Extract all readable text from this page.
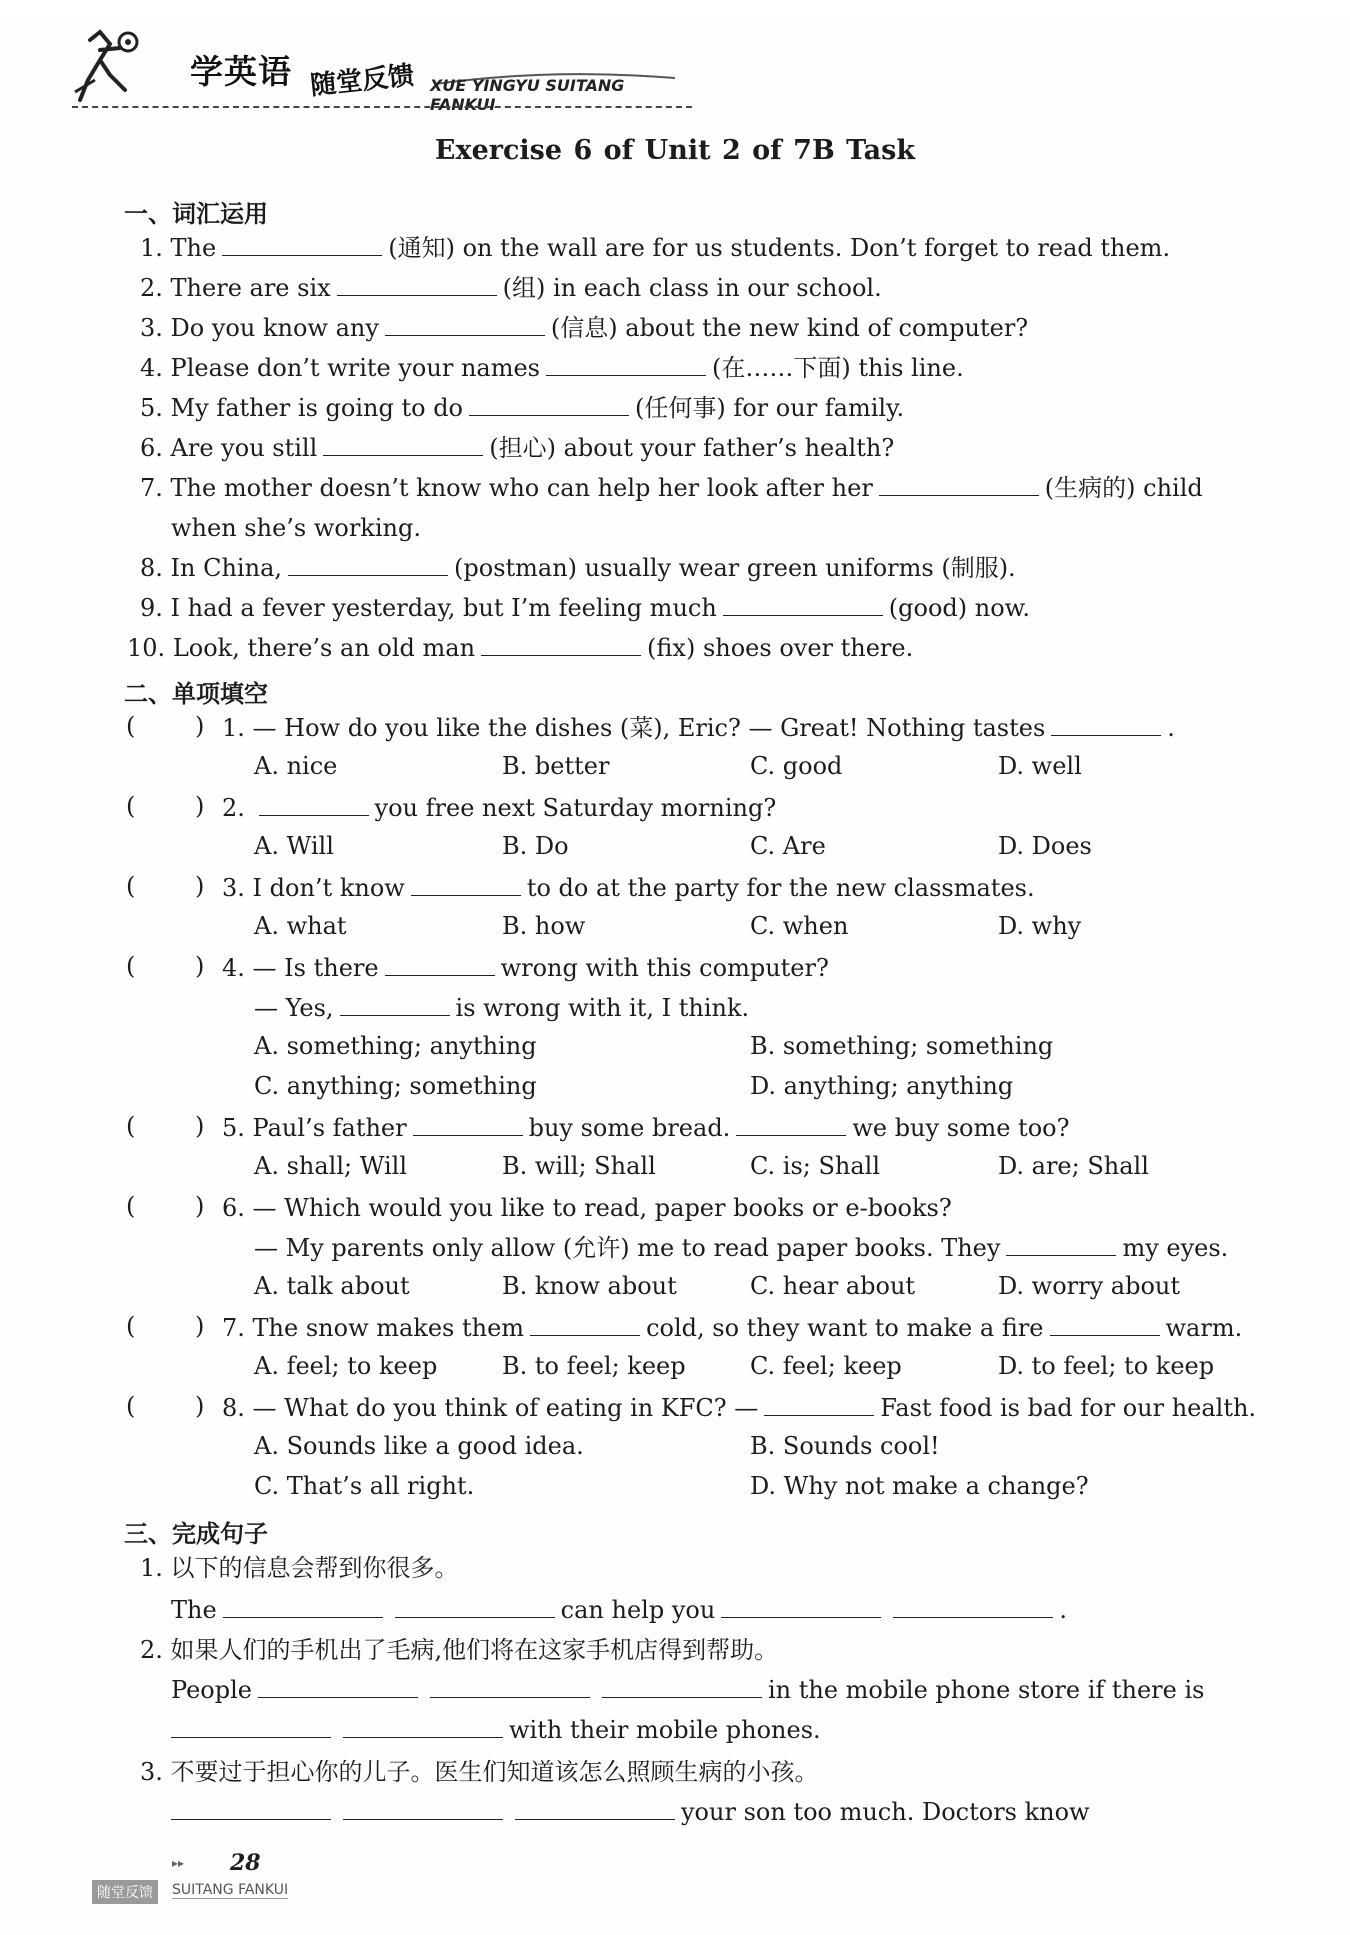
学英语 随堂反馈 XUE YINGYU SUITANG FANKUI
Exercise 6 of Unit 2 of 7B Task
一、词汇运用
1. The	(通知) on the wall are for us students. Don’t forget to read them.
2. There are six	(组) in each class in our school.
3. Do you know any	(信息) about the new kind of computer?
4. Please don’t write your names	(在……下面) this line.
5. My father is going to do	(任何事) for our family.
6. Are you still	(担心) about your father’s health?
7. The mother doesn’t know who can help her look after her	(生病的) child
when she’s working.
8. In China,	(postman) usually wear green uniforms (制服).
9. I had a fever yesterday, but I’m feeling much	(good) now.
10. Look, there’s an old man	(fix) shoes over there.
二、单项填空
( ) 1. — How do you like the dishes (菜), Eric? — Great! Nothing tastes	.
A. nice	B. better	C. good	D. well
( ) 2.	you free next Saturday morning?
A. Will	B. Do	C. Are	D. Does
( ) 3. I don’t know	to do at the party for the new classmates.
A. what	B. how	C. when	D. why
( ) 4. — Is there	wrong with this computer?
— Yes,	is wrong with it, I think.
A. something; anything	B. something; something
C. anything; something	D. anything; anything
( ) 5. Paul’s father	buy some bread.	we buy some too?
A. shall; Will	B. will; Shall	C. is; Shall	D. are; Shall
( ) 6. — Which would you like to read, paper books or e-books?
— My parents only allow (允许) me to read paper books. They	my eyes.
A. talk about	B. know about	C. hear about	D. worry about
( ) 7. The snow makes them	cold, so they want to make a fire	warm.
A. feel; to keep	B. to feel; keep	C. feel; keep	D. to feel; to keep
( ) 8. — What do you think of eating in KFC? —	Fast food is bad for our health.
A. Sounds like a good idea.	B. Sounds cool!
C. That’s all right.	D. Why not make a change?
三、完成句子
1. 以下的信息会帮到你很多。
The	can help you	.
2. 如果人们的手机出了毛病,他们将在这家手机店得到帮助。
People	in the mobile phone store if there is
with their mobile phones.
3. 不要过于担心你的儿子。医生们知道该怎么照顾生病的小孩。
your son too much. Doctors know
▸▸ 28
随堂反馈	SUITANG FANKUI
